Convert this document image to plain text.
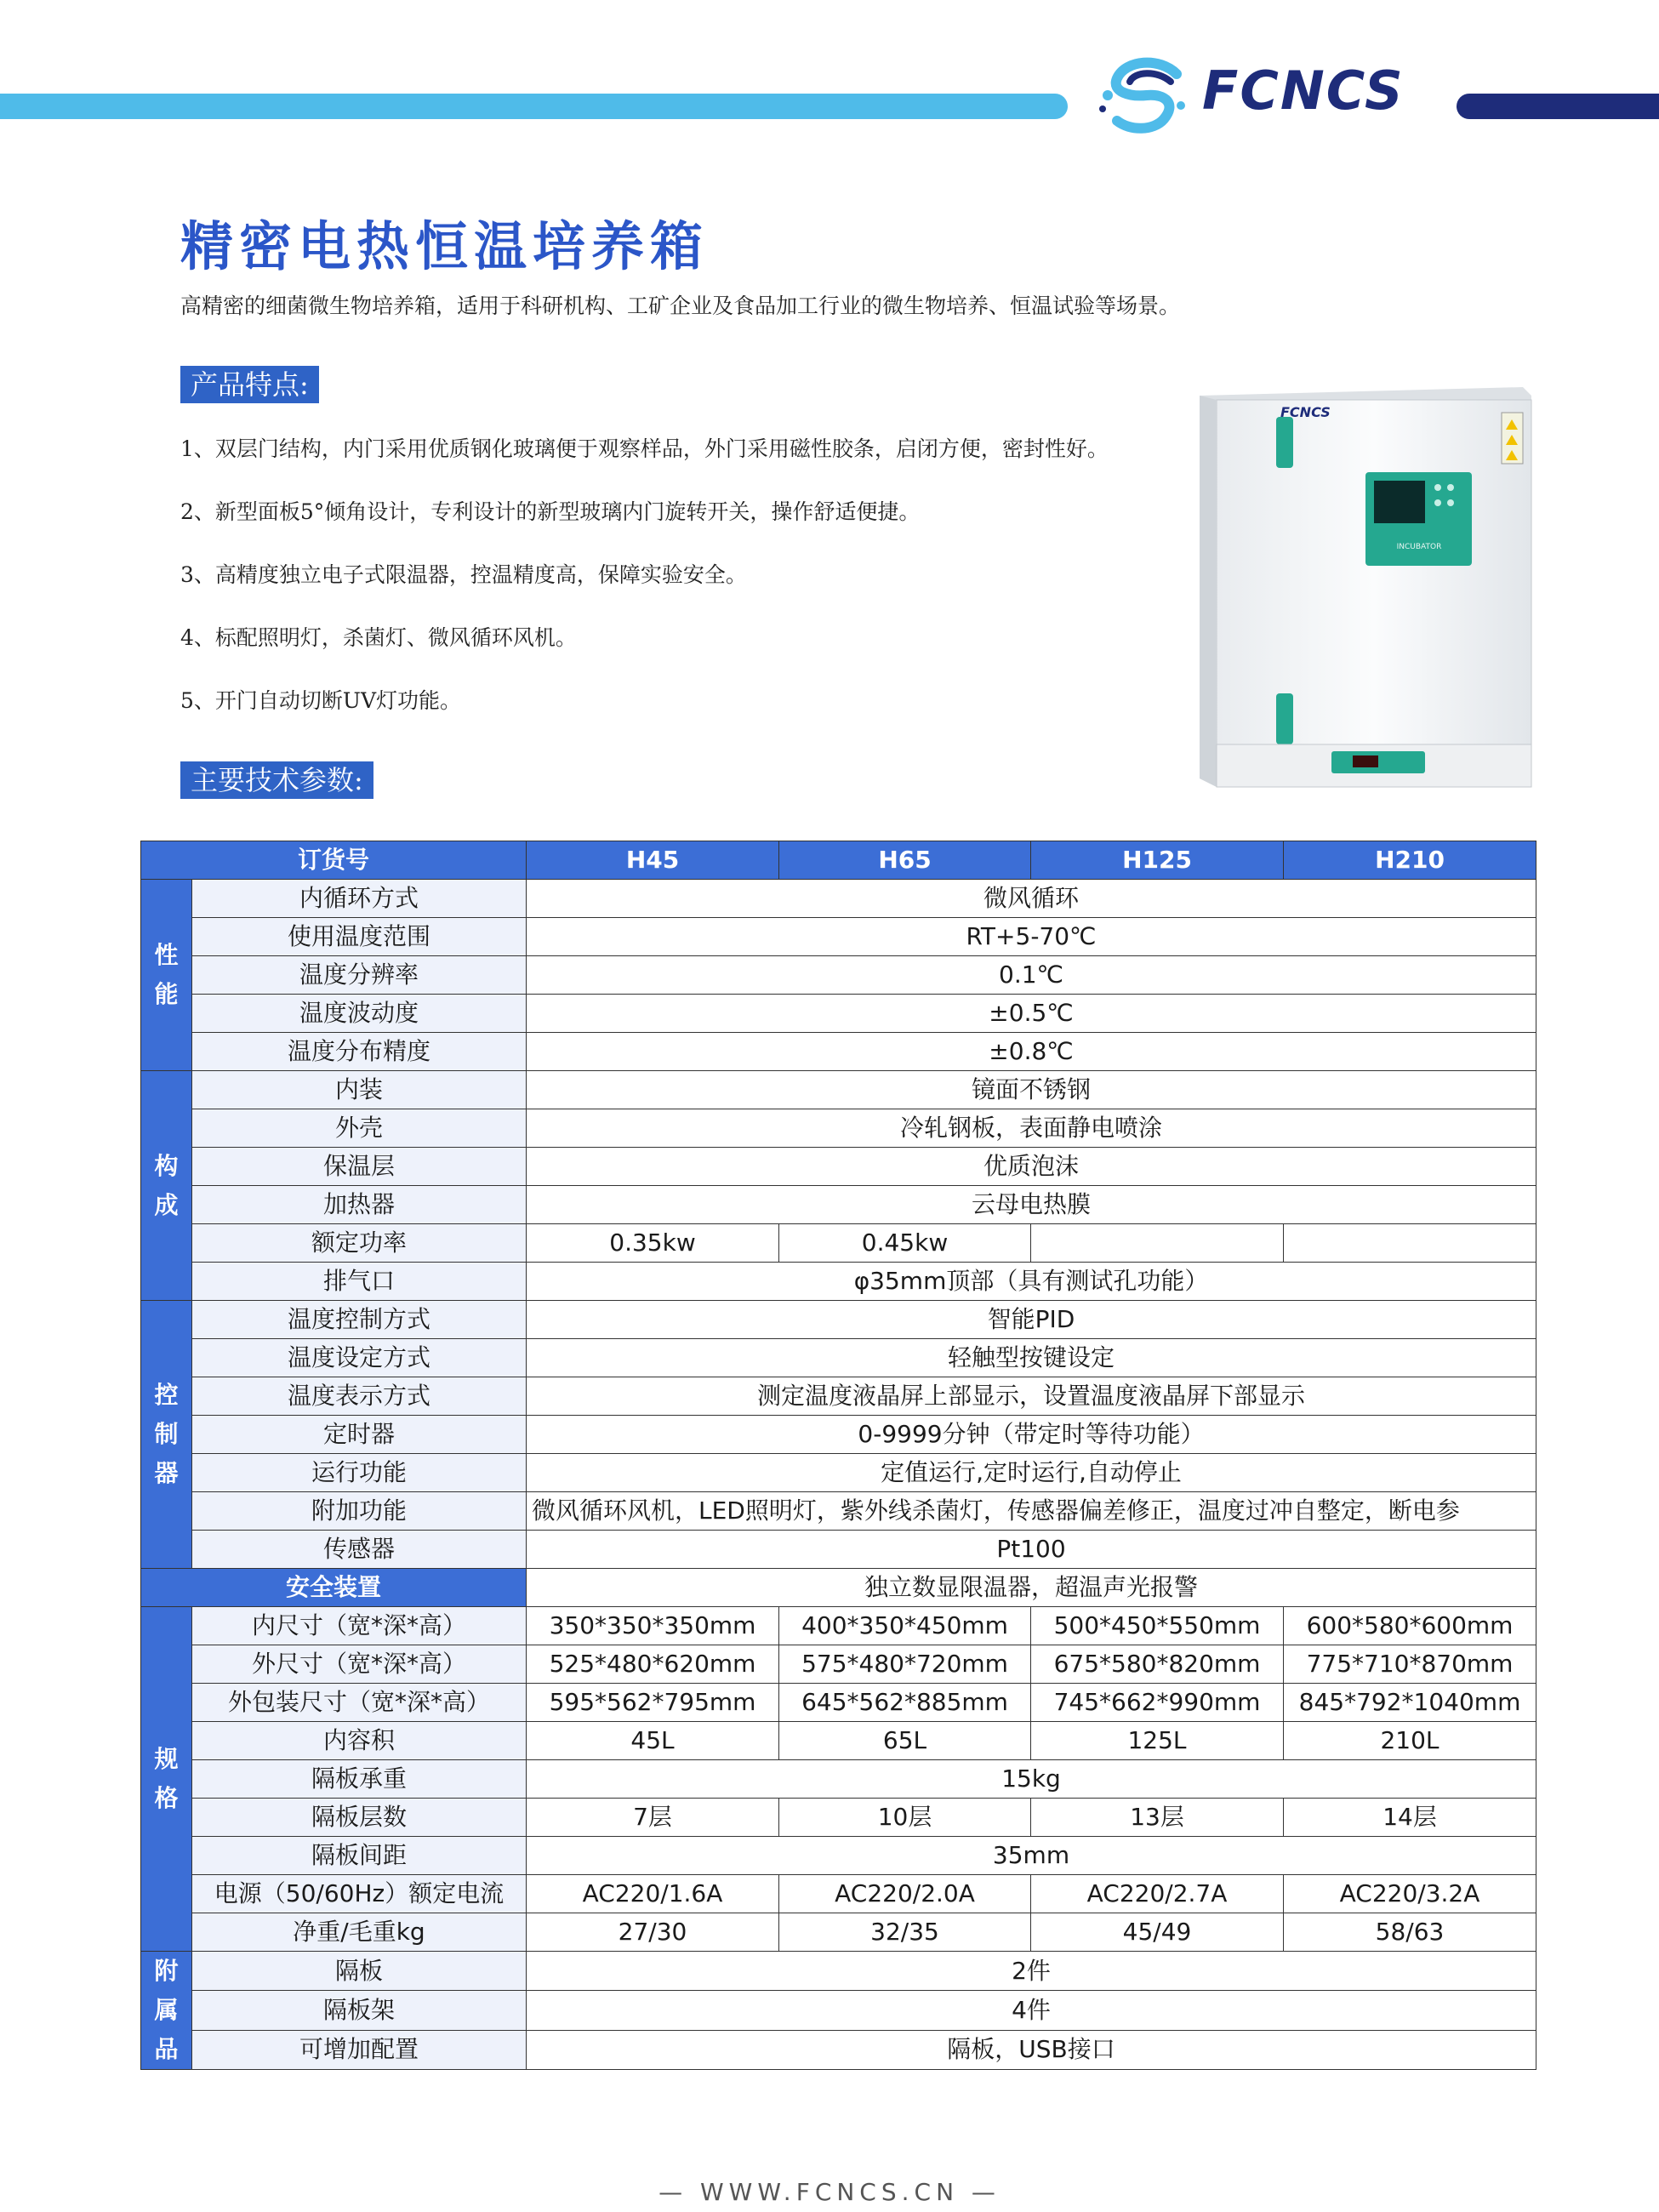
FCNCS
精密电热恒温培养箱
高精密的细菌微生物培养箱，适用于科研机构、工矿企业及食品加工行业的微生物培养、恒温试验等场景。
产品特点:
1、双层门结构，内门采用优质钢化玻璃便于观察样品，外门采用磁性胶条，启闭方便，密封性好。
2、新型面板5°倾角设计，专利设计的新型玻璃内门旋转开关，操作舒适便捷。
3、高精度独立电子式限温器，控温精度高，保障实验安全。
4、标配照明灯，杀菌灯、微风循环风机。
5、开门自动切断UV灯功能。
FCNCS
INCUBATOR
主要技术参数:
订货号		H45	H65	H125	H210
性能	内循环方式	微风循环			
	使用温度范围	RT+5-70℃			
	温度分辨率	0.1℃			
	温度波动度	±0.5℃			
	温度分布精度	±0.8℃			
构成	内装	镜面不锈钢			
	外壳	冷轧钢板，表面静电喷涂			
	保温层	优质泡沫			
	加热器	云母电热膜			
	额定功率	0.35kw	0.45kw		
	排气口	φ35mm顶部（具有测试孔功能）			
控制器	温度控制方式	智能PID			
	温度设定方式	轻触型按键设定			
	温度表示方式	测定温度液晶屏上部显示，设置温度液晶屏下部显示			
	定时器	0-9999分钟（带定时等待功能）			
	运行功能	定值运行,定时运行,自动停止			
	附加功能	微风循环风机，LED照明灯，紫外线杀菌灯，传感器偏差修正，温度过冲自整定，断电参			
	传感器	Pt100			
安全装置		独立数显限温器，超温声光报警			
规格	内尺寸（宽*深*高）	350*350*350mm	400*350*450mm	500*450*550mm	600*580*600mm
	外尺寸（宽*深*高）	525*480*620mm	575*480*720mm	675*580*820mm	775*710*870mm
	外包装尺寸（宽*深*高）	595*562*795mm	645*562*885mm	745*662*990mm	845*792*1040mm
	内容积	45L	65L	125L	210L
	隔板承重	15kg			
	隔板层数	7层	10层	13层	14层
	隔板间距	35mm			
	电源（50/60Hz）额定电流	AC220/1.6A	AC220/2.0A	AC220/2.7A	AC220/3.2A
	净重/毛重kg	27/30	32/35	45/49	58/63
附属品	隔板	2件			
	隔板架	4件			
	可增加配置	隔板，USB接口			
— WWW.FCNCS.CN —
